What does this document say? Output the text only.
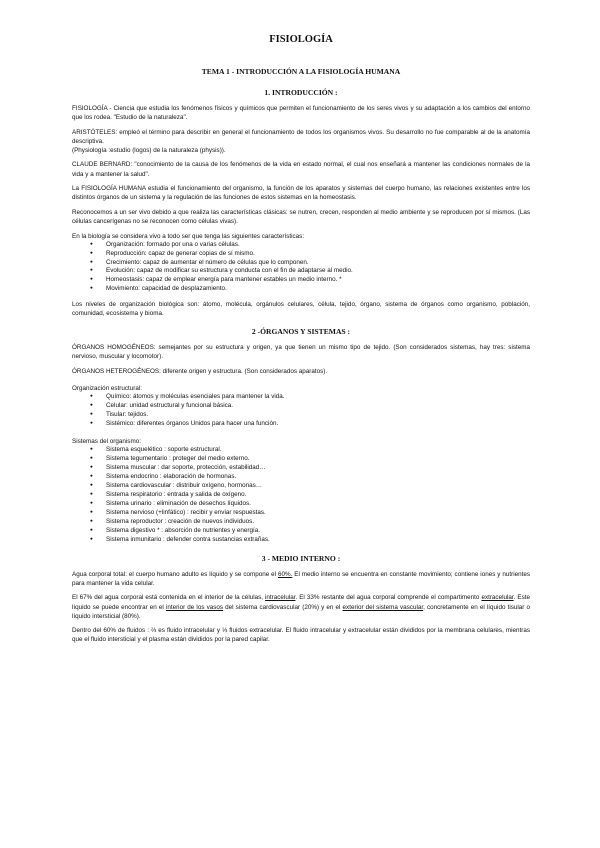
FISIOLOGÍA
TEMA 1 - INTRODUCCIÓN A LA FISIOLOGÍA HUMANA
1. INTRODUCCIÓN :

FISIOLOGÍA - Ciencia que estudia los fenómenos físicos y químicos que permiten el funcionamiento de los seres vivos y su adaptación a los cambios del entorno que los rodea. "Estudio de la naturaleza".

ARISTÓTELES: empleó el término para describir en general el funcionamiento de todos los organismos vivos. Su desarrollo no fue comparable al de la anatomía descriptiva.

(Physiología :estudio (logos) de la naturaleza (physis)).

CLAUDE BERNARD: "conocimiento de la causa de los fenómenos de la vida en estado normal, el cual nos enseñará a mantener las condiciones normales de la vida y a mantener la salud".

La FISIOLOGÍA HUMANA estudia el funcionamiento del organismo, la función de los aparatos y sistemas del cuerpo humano, las relaciones existentes entre los distintos órganos de un sistema y la regulación de las funciones de estos sistemas en la homeostasis.

Reconocemos a un ser vivo debido a que realiza las características clásicas: se nutren, crecen, responden al medio ambiente y se reproducen por sí mismos. (Las células cancerígenas no se reconocen como células vivas).

En la biología se considera vivo a todo ser que tenga las siguientes características:

● Organización: formado por una o varias células.
● Reproducción: capaz de generar copias de sí mismo.
● Crecimiento: capaz de aumentar el número de células que lo componen.
● Evolución: capaz de modificar su estructura y conducta con el fin de adaptarse al medio.
● Homeostasis: capaz de emplear energía para mantener estables un medio interno. *
● Movimiento: capacidad de desplazamiento.

Los niveles de organización biológica son: átomo, molécula, orgánulos celulares, célula, tejido, órgano, sistema de órganos como organismo, población, comunidad, ecosistema y bioma.

2 -ÓRGANOS Y SISTEMAS :

ÓRGANOS HOMOGÉNEOS: semejantes por su estructura y origen, ya que tienen un mismo tipo de tejido. (Son considerados sistemas, hay tres: sistema nervioso, muscular y locomotor).

ÓRGANOS HETEROGÉNEOS: diferente origen y estructura. (Son considerados aparatos).

Organización estructural:

● Químico: átomos y moléculas esenciales para mantener la vida.
● Celular: unidad estructural y funcional básica.
● Tisular: tejidos.
● Sistémico: diferentes órganos Unidos para hacer una función.

Sistemas del organismo:

● Sistema esquelético : soporte estructural.
● Sistema tegumentario : proteger del medio externo.
● Sistema muscular : dar soporte, protección, estabilidad…
● Sistema endocrino : elaboración de hormonas.
● Sistema cardiovascular : distribuir oxígeno, hormonas…
● Sistema respiratorio : entrada y salida de oxígeno.
● Sistema urinario : eliminación de desechos líquidos.
● Sistema nervioso (+linfático) : recibir y enviar respuestas.
● Sistema reproductor : creación de nuevos individuos.
● Sistema digestivo * : absorción de nutrientes y energía.
● Sistema inmunitario : defender contra sustancias extrañas.
3 - MEDIO INTERNO :

Agua corporal total: el cuerpo humano adulto es líquido y se compone el 60%. El medio interno se encuentra en constante movimiento; contiene iones y nutrientes para mantener la vida celular.

El 67% del agua corporal está contenida en el interior de la células, intracelular. El 33% restante del agua corporal comprende el compartimento extracelular. Este líquido se puede encontrar en el interior de los vasos del sistema cardiovascular (20%) y en el exterior del sistema vascular, concretamente en el líquido tisular o líquido intersticial (80%).

Dentro del 60% de fluidos : ⅔ es fluido intracelular y ⅓ fluidos extracelular. El fluido intracelular y extracelular están divididos por la membrana celulares, mientras que el fluido intersticial y el plasma están divididos por la pared capilar.
